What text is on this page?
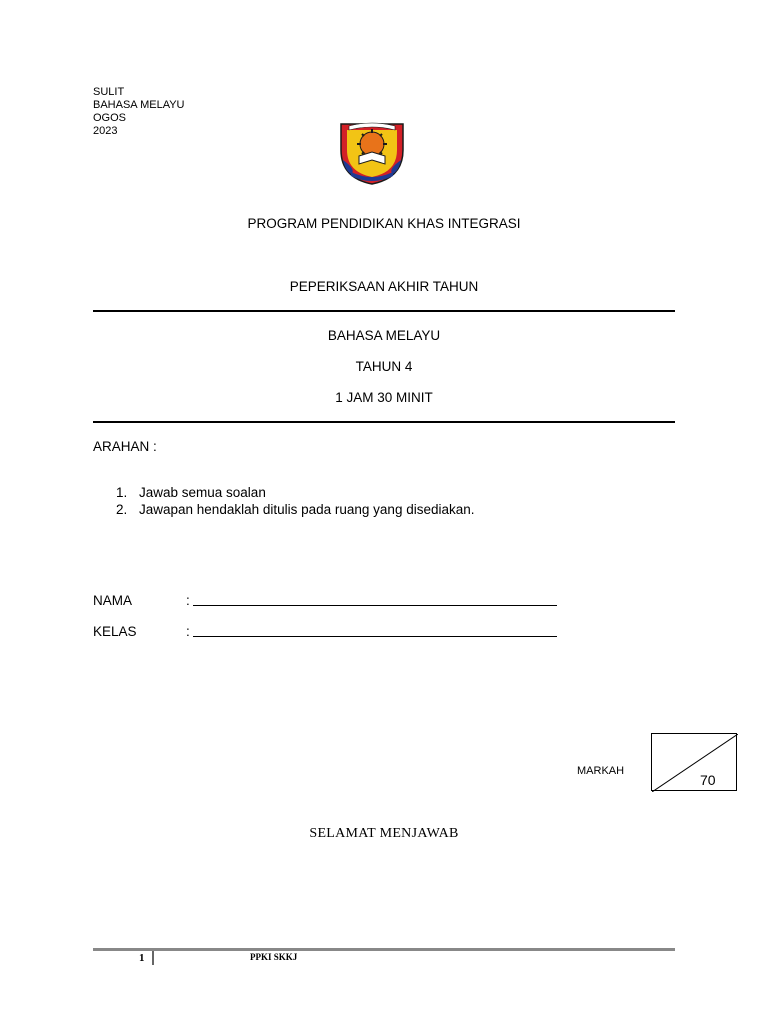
SULIT
BAHASA MELAYU
OGOS
2023
PROGRAM PENDIDIKAN KHAS INTEGRASI
PEPERIKSAAN AKHIR TAHUN
BAHASA MELAYU
TAHUN 4
1 JAM 30 MINIT
ARAHAN :
1. Jawab semua soalan
2. Jawapan hendaklah ditulis pada ruang yang disediakan.
NAMA	:
KELAS	:
MARKAH
70
SELAMAT MENJAWAB
1	PPKI SKKJ
